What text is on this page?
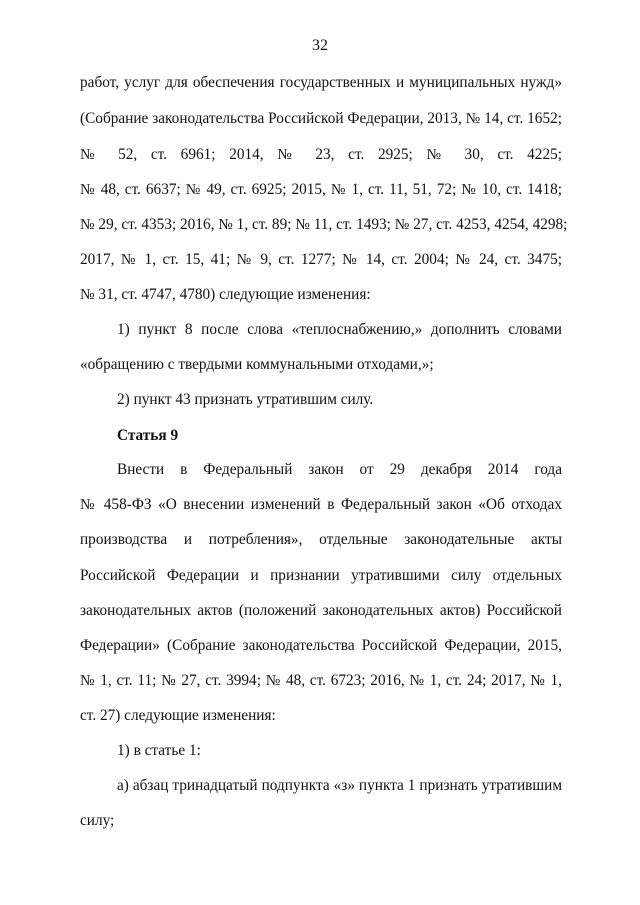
32
работ, услуг для обеспечения государственных и муниципальных нужд»
(Собрание законодательства Российской Федерации, 2013, № 14, ст. 1652;
№ 52, ст. 6961; 2014, № 23, ст. 2925; № 30, ст. 4225;
№ 48, ст. 6637; № 49, ст. 6925; 2015, № 1, ст. 11, 51, 72; № 10, ст. 1418;
№ 29, ст. 4353; 2016, № 1, ст. 89; № 11, ст. 1493; № 27, ст. 4253, 4254, 4298;
2017, № 1, ст. 15, 41; № 9, ст. 1277; № 14, ст. 2004; № 24, ст. 3475;
№ 31, ст. 4747, 4780) следующие изменения:
1) пункт 8 после слова «теплоснабжению,» дополнить словами
«обращению с твердыми коммунальными отходами,»;
2) пункт 43 признать утратившим силу.
Статья 9
Внести в Федеральный закон от 29 декабря 2014 года
№ 458-ФЗ «О внесении изменений в Федеральный закон «Об отходах
производства и потребления», отдельные законодательные акты
Российской Федерации и признании утратившими силу отдельных
законодательных актов (положений законодательных актов) Российской
Федерации» (Собрание законодательства Российской Федерации, 2015,
№ 1, ст. 11; № 27, ст. 3994; № 48, ст. 6723; 2016, № 1, ст. 24; 2017, № 1,
ст. 27) следующие изменения:
1) в статье 1:
а) абзац тринадцатый подпункта «з» пункта 1 признать утратившим
силу;
